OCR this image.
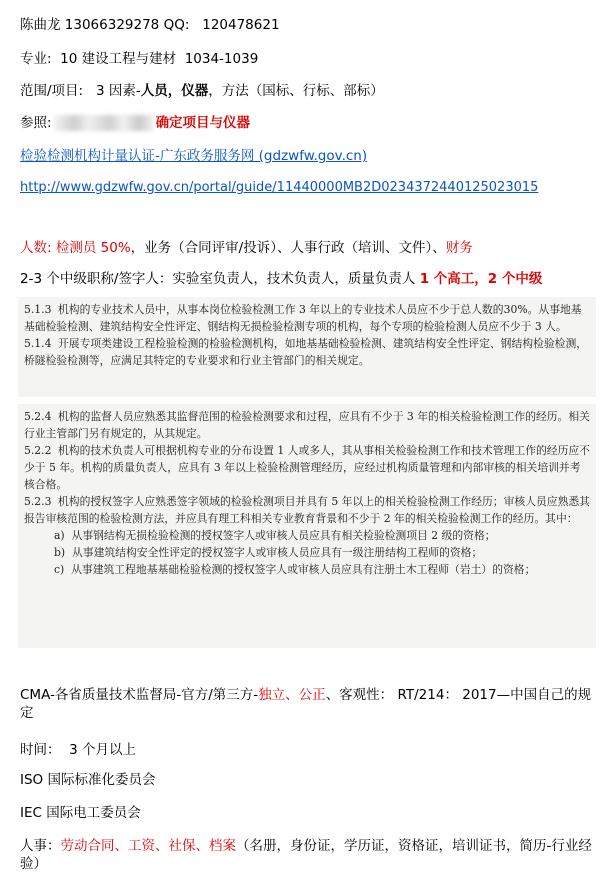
陈曲龙 13066329278 QQ:   120478621
专业:  10 建设工程与建材  1034-1039
范围/项目:   3 因素-人员，仪器，方法（国标、行标、部标）
参照:	确定项目与仪器
检验检测机构计量认证-广东政务服务网 (gdzwfw.gov.cn)
http://www.gdzwfw.gov.cn/portal/guide/11440000MB2D0234372440125023015
人数: 检测员 50%，业务（合同评审/投诉）、人事行政（培训、文件）、财务
2-3 个中级职称/签字人：实验室负责人，技术负责人，质量负责人 1 个高工，2 个中级

5.1.3 机构的专业技术人员中，从事本岗位检验检测工作 3 年以上的专业技术人员应不少于总人数的30%。从事地基基础检验检测、建筑结构安全性评定、钢结构无损检验检测专项的机构，每个专项的检验检测人员应不少于 3 人。

5.1.4 开展专项类建设工程检验检测的检验检测机构，如地基基础检验检测、建筑结构安全性评定、钢结构检验检测，桥隧检验检测等，应满足其特定的专业要求和行业主管部门的相关规定。

5.2.4 机构的监督人员应熟悉其监督范围的检验检测要求和过程，应具有不少于 3 年的相关检验检测工作的经历。相关行业主管部门另有规定的，从其规定。

5.2.2 机构的技术负责人可根据机构专业的分布设置 1 人或多人，其从事相关检验检测工作和技术管理工作的经历应不少于 5 年。机构的质量负责人，应具有 3 年以上检验检测管理经历，应经过机构质量管理和内部审核的相关培训并考核合格。

5.2.3 机构的授权签字人应熟悉签字领域的检验检测项目并具有 5 年以上的相关检验检测工作经历；审核人员应熟悉其报告审核范围的检验检测方法，并应具有理工科相关专业教育背景和不少于 2 年的相关检验检测工作的经历。其中：

a) 从事钢结构无损检验检测的授权签字人或审核人员应具有相关检验检测项目 2 级的资格；

b) 从事建筑结构安全性评定的授权签字人或审核人员应具有一级注册结构工程师的资格；

c) 从事建筑工程地基基础检验检测的授权签字人或审核人员应具有注册土木工程师（岩土）的资格；

CMA-各省质量技术监督局-官方/第三方-独立、公正、客观性： RT/214： 2017—中国自己的规定
时间：  3 个月以上
ISO 国际标准化委员会
IEC 国际电工委员会
人事：劳动合同、工资、社保、档案（名册，身份证，学历证，资格证，培训证书，简历-行业经验）
